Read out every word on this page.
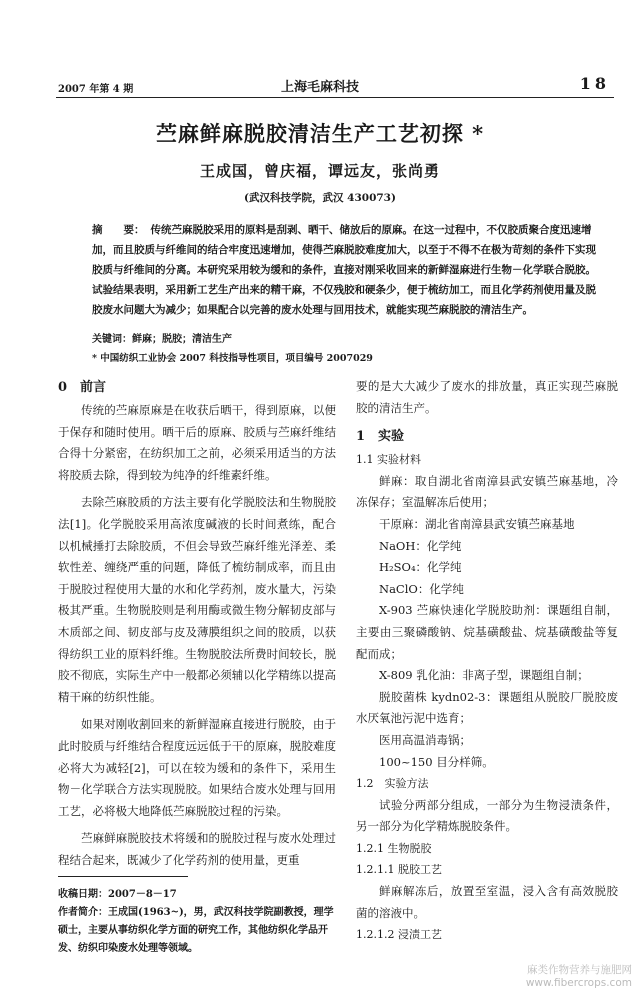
2007 年第 4 期	上海毛麻科技	18
苎麻鲜麻脱胶清洁生产工艺初探 *
王成国，曾庆福，谭远友，张尚勇
(武汉科技学院，武汉 430073)
摘　　要： 传统苎麻脱胶采用的原料是刮剥、晒干、储放后的原麻。在这一过程中，不仅胶质聚合度迅速增加，而且胶质与纤维间的结合牢度迅速增加，使得苎麻脱胶难度加大，以至于不得不在极为苛刻的条件下实现胶质与纤维间的分离。本研究采用较为缓和的条件，直接对刚采收回来的新鲜湿麻进行生物－化学联合脱胶。试验结果表明，采用新工艺生产出来的精干麻，不仅残胶和硬条少，便于梳纺加工，而且化学药剂使用量及脱胶废水问题大为减少；如果配合以完善的废水处理与回用技术，就能实现苎麻脱胶的清洁生产。
关键词：鲜麻；脱胶；清洁生产
* 中国纺织工业协会 2007 科技指导性项目，项目编号 2007029
0　前言

传统的苎麻原麻是在收获后晒干，得到原麻，以便于保存和随时使用。晒干后的原麻、胶质与苎麻纤维结合得十分紧密，在纺织加工之前，必须采用适当的方法将胶质去除，得到较为纯净的纤维素纤维。

去除苎麻胶质的方法主要有化学脱胶法和生物脱胶法[1]。化学脱胶采用高浓度碱液的长时间煮练，配合以机械捶打去除胶质，不但会导致苎麻纤维光泽差、柔软性差、缠绕严重的问题，降低了梳纺制成率，而且由于脱胶过程使用大量的水和化学药剂，废水量大，污染极其严重。生物脱胶则是利用酶或微生物分解韧皮部与木质部之间、韧皮部与皮及薄膜组织之间的胶质，以获得纺织工业的原料纤维。生物脱胶法所费时间较长，脱胶不彻底，实际生产中一般都必须辅以化学精练以提高精干麻的纺织性能。

如果对刚收割回来的新鲜湿麻直接进行脱胶，由于此时胶质与纤维结合程度远远低于干的原麻，脱胶难度必将大为减轻[2]，可以在较为缓和的条件下，采用生物－化学联合方法实现脱胶。如果结合废水处理与回用工艺，必将极大地降低苎麻脱胶过程的污染。

苎麻鲜麻脱胶技术将缓和的脱胶过程与废水处理过程结合起来，既减少了化学药剂的使用量，更重

要的是大大减少了废水的排放量，真正实现苎麻脱胶的清洁生产。

1　实验
1.1 实验材料

鲜麻：取自湖北省南漳县武安镇苎麻基地，冷冻保存；室温解冻后使用；

干原麻：湖北省南漳县武安镇苎麻基地

NaOH：化学纯

H₂SO₄：化学纯

NaClO：化学纯

X-903 苎麻快速化学脱胶助剂：课题组自制，主要由三聚磷酸钠、烷基磺酸盐、烷基磺酸盐等复配而成；

X-809 乳化油：非离子型，课题组自制；

脱胶菌株 kydn02-3：课题组从脱胶厂脱胶废水厌氧池污泥中选育；

医用高温消毒锅；

100~150 目分样筛。

1.2　实验方法

试验分两部分组成，一部分为生物浸渍条件，另一部分为化学精炼脱胶条件。

1.2.1 生物脱胶
1.2.1.1 脱胶工艺

鲜麻解冻后，放置至室温，浸入含有高效脱胶菌的溶液中。

1.2.1.2 浸渍工艺
收稿日期：2007－8－17
作者简介：王成国(1963~)，男，武汉科技学院副教授，理学硕士，主要从事纺织化学方面的研究工作，其他纺织化学品开发、纺织印染废水处理等领域。
麻类作物营养与施肥网
www.fibercrops.com
